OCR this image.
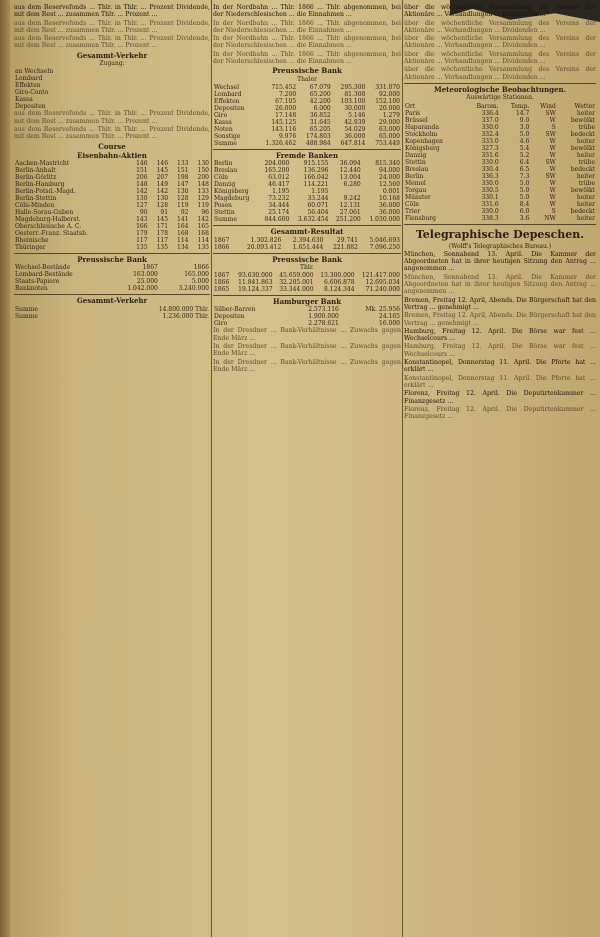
aus dem Reservefonds ... Thlr. in Thlr. ... Prozent Dividende, mit dem Rest ... zusammen Thlr. ... Prozent ...

aus dem Reservefonds ... Thlr. in Thlr. ... Prozent Dividende, mit dem Rest ... zusammen Thlr. ... Prozent ...

aus dem Reservefonds ... Thlr. in Thlr. ... Prozent Dividende, mit dem Rest ... zusammen Thlr. ... Prozent ...

Gesammt-Verkehr
Zugang:
an Wechseln
Lombard
Effekten
Giro-Conto
Kassa
Depositen

aus dem Reservefonds ... Thlr. in Thlr. ... Prozent Dividende, mit dem Rest ... zusammen Thlr. ... Prozent ...

aus dem Reservefonds ... Thlr. in Thlr. ... Prozent Dividende, mit dem Rest ... zusammen Thlr. ... Prozent ...

Course
Eisenbahn-Aktien
Aachen-Mastricht	146	146	133	130
Berlin-Anhalt	151	145	151	150
Berlin-Görlitz	206	207	198	200
Berlin-Hamburg	148	149	147	148
Berlin-Potsd.-Magd.	142	142	130	133
Berlin-Stettin	130	130	128	129
Cöln-Minden	127	128	119	119
Halle-Sorau-Guben	90	91	92	96
Magdeburg-Halberst.	143	145	141	142
Oberschlesische A. C.	166	171	164	165
Oesterr.-Franz. Staatsb.	179	178	168	168
Rheinische	117	117	114	114
Thüringer	135	135	134	135
Preussische Bank
Wechsel-Bestände	1867	1866
Lombard-Bestände	163.000	165.000
Staats-Papiere	25.000	5.000
Banknoten	1.042.000	3.240.000
Gesammt-Verkehr
Summe	14.800.000 Thlr.
Summe	1.236.000 Thlr.

In der Nordbahn ... Thlr. 1866 ... Thlr. abgenommen, bei der Niederschlesischen ... die Einnahmen ...

In der Nordbahn ... Thlr. 1866 ... Thlr. abgenommen, bei der Niederschlesischen ... die Einnahmen ...

In der Nordbahn ... Thlr. 1866 ... Thlr. abgenommen, bei der Niederschlesischen ... die Einnahmen ...

In der Nordbahn ... Thlr. 1866 ... Thlr. abgenommen, bei der Niederschlesischen ... die Einnahmen ...

Preussische Bank
Thaler
Wechsel	715.452	67.079	295.300	331.070
Lombard	7.200	65.200	81.300	92.000
Effekten	67.105	42.200	103.100	152.100
Depositen	26.000	6.000	30.000	20.000
Giro	17.148	36.852	5.146	1.279
Kassa	145.125	31.645	42.939	29.000
Noten	143.116	65.205	54.029	63.000
Sonstige	9.976	174.803	36.000	65.000
Summe	1.326.462	488.984	647.814	753.449
Fremde Banken
Berlin	204.000	915.155	36.094	815.340
Breslau	165.200	136.296	12.440	94.000
Cöln	63.012	166.042	13.004	24.000
Danzig	46.417	114.221	6.280	12.560
Königsberg	1.195	1.195		0.001
Magdeburg	73.232	33.244	9.242	10.168
Posen	34.444	60.071	12.131	36.000
Stettin	25.174	56.404	27.061	36.000
Summe	844.600	3.632.454	251.200	1.030.000
Gesammt-Resultat
1867	1.302.826	2.394.630	29.741	5.046.693
1866	20.093.412	1.651.444	221.882	7.096.250
Preussische Bank
Thlr.
1867	93.630.000	45.659.000	13.300.000	121.417.000
1866	11.841.863	32.205.001	6.606.878	12.695.034
1865	19.124.337	33.344.000	8.124.344	71.240.000
Hamburger Bank
Silber-Barren	2.573.116	Mk. 25.956
Depositen	1.900.000	24.165
Giro	2.278.621	16.000

In der Dresdner ... Bank-Verhältnisse ... Zuwachs gegen Ende März ...

In der Dresdner ... Bank-Verhältnisse ... Zuwachs gegen Ende März ...

In der Dresdner ... Bank-Verhältnisse ... Zuwachs gegen Ende März ...

über die wöchentliche Versammlung des Vereins der Aktionäre ... Verhandlungen ... Dividenden ...

über die wöchentliche Versammlung des Vereins der Aktionäre ... Verhandlungen ... Dividenden ...

über die wöchentliche Versammlung des Vereins der Aktionäre ... Verhandlungen ... Dividenden ...

über die wöchentliche Versammlung des Vereins der Aktionäre ... Verhandlungen ... Dividenden ...

über die wöchentliche Versammlung des Vereins der Aktionäre ... Verhandlungen ... Dividenden ...

Meteorologische Beobachtungen.
Auswärtige Stationen.
Ort	Barom.	Temp.	Wind	Wetter
Paris	336.4	14.7	SW	heiter
Brüssel	337.0	9.0	W	bewölkt
Haparanda	330.0	3.0	S	trübe
Stockholm	332.4	5.0	SW	bedeckt
Kopenhagen	333.0	4.6	W	heiter
Königsberg	327.3	5.4	W	bewölkt
Danzig	331.6	5.2	W	heiter
Stettin	330.0	6.4	SW	trübe
Breslau	330.4	6.5	W	bedeckt
Berlin	336.3	7.3	SW	heiter
Memel	330.0	5.0	W	trübe
Torgau	330.5	5.0	W	bewölkt
Münster	330.1	5.0	W	heiter
Cöln	331.6	8.4	W	heiter
Trier	330.0	6.0	S	bedeckt
Flensburg	338.3	3.6	NW	heiter
Telegraphische Depeschen.
(Wolff's Telegraphisches Bureau.)

München, Sonnabend 13. April. Die Kammer der Abgeordneten hat in ihrer heutigen Sitzung den Antrag ... angenommen ...

München, Sonnabend 13. April. Die Kammer der Abgeordneten hat in ihrer heutigen Sitzung den Antrag ... angenommen ...

Bremen, Freitag 12. April, Abends. Die Bürgerschaft hat den Vertrag ... genehmigt ...

Bremen, Freitag 12. April, Abends. Die Bürgerschaft hat den Vertrag ... genehmigt ...

Hamburg, Freitag 12. April. Die Börse war fest ... Wechselcours ...

Hamburg, Freitag 12. April. Die Börse war fest ... Wechselcours ...

Konstantinopel, Donnerstag 11. April. Die Pforte hat ... erklärt ...

Konstantinopel, Donnerstag 11. April. Die Pforte hat ... erklärt ...

Florenz, Freitag 12. April. Die Deputirtenkammer ... Finanzgesetz ...

Florenz, Freitag 12. April. Die Deputirtenkammer ... Finanzgesetz ...
